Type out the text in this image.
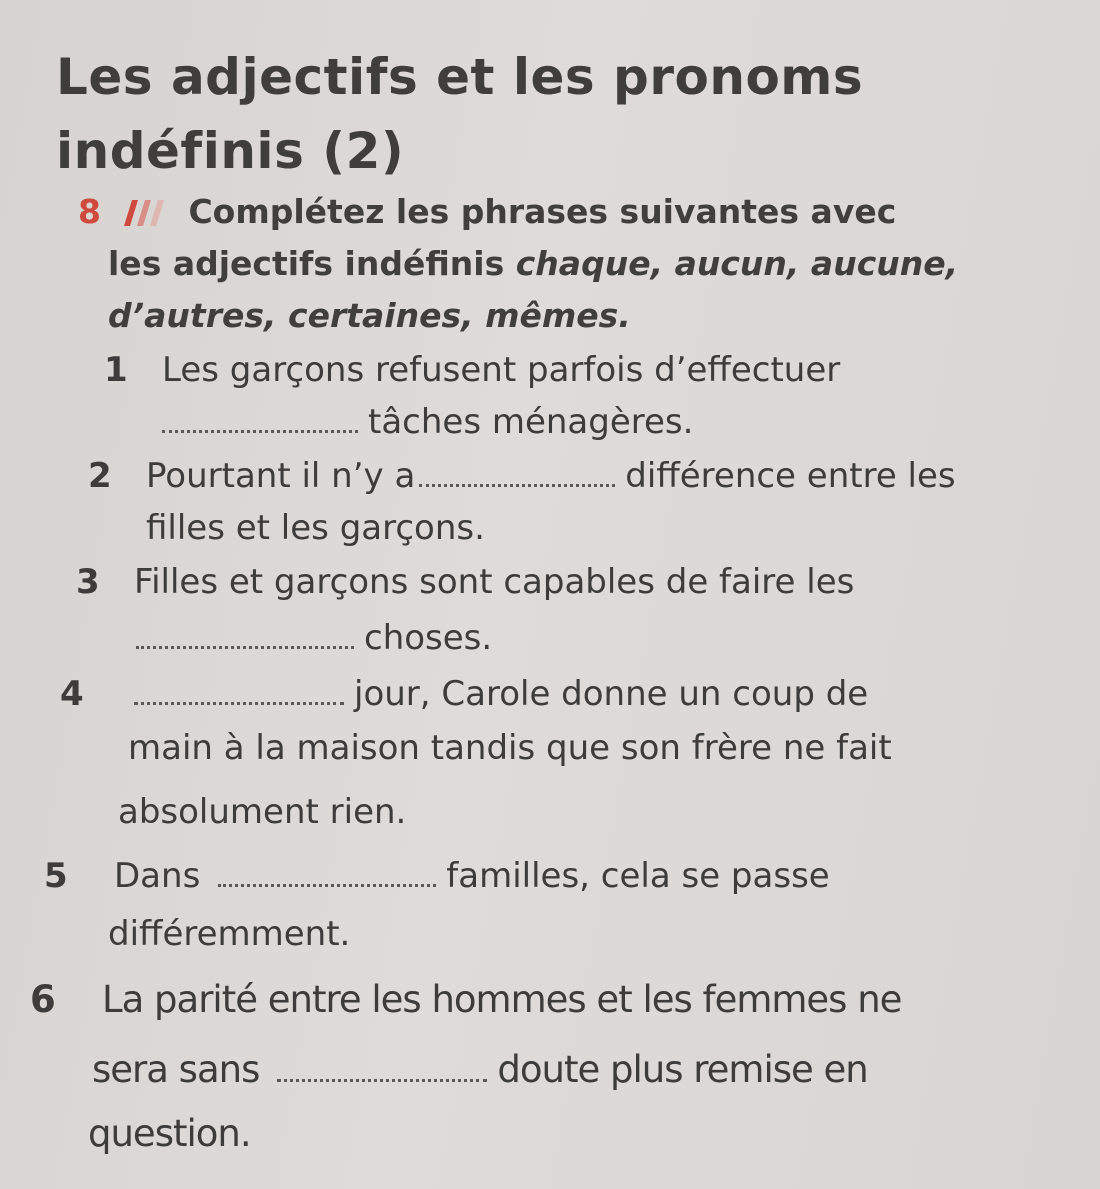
Les adjectifs et les pronoms
indéfinis (2)
8	Complétez les phrases suivantes avec
les adjectifs indéfinis chaque, aucun, aucune,
d’autres, certaines, mêmes.
1 Les garçons refusent parfois d’effectuer
tâches ménagères.
2 Pourtant il n’y a	différence entre les
filles et les garçons.
3 Filles et garçons sont capables de faire les
choses.
4	jour, Carole donne un coup de
main à la maison tandis que son frère ne fait
absolument rien.
5 Dans	familles, cela se passe
différemment.
6 La parité entre les hommes et les femmes ne
sera sans	doute plus remise en
question.
